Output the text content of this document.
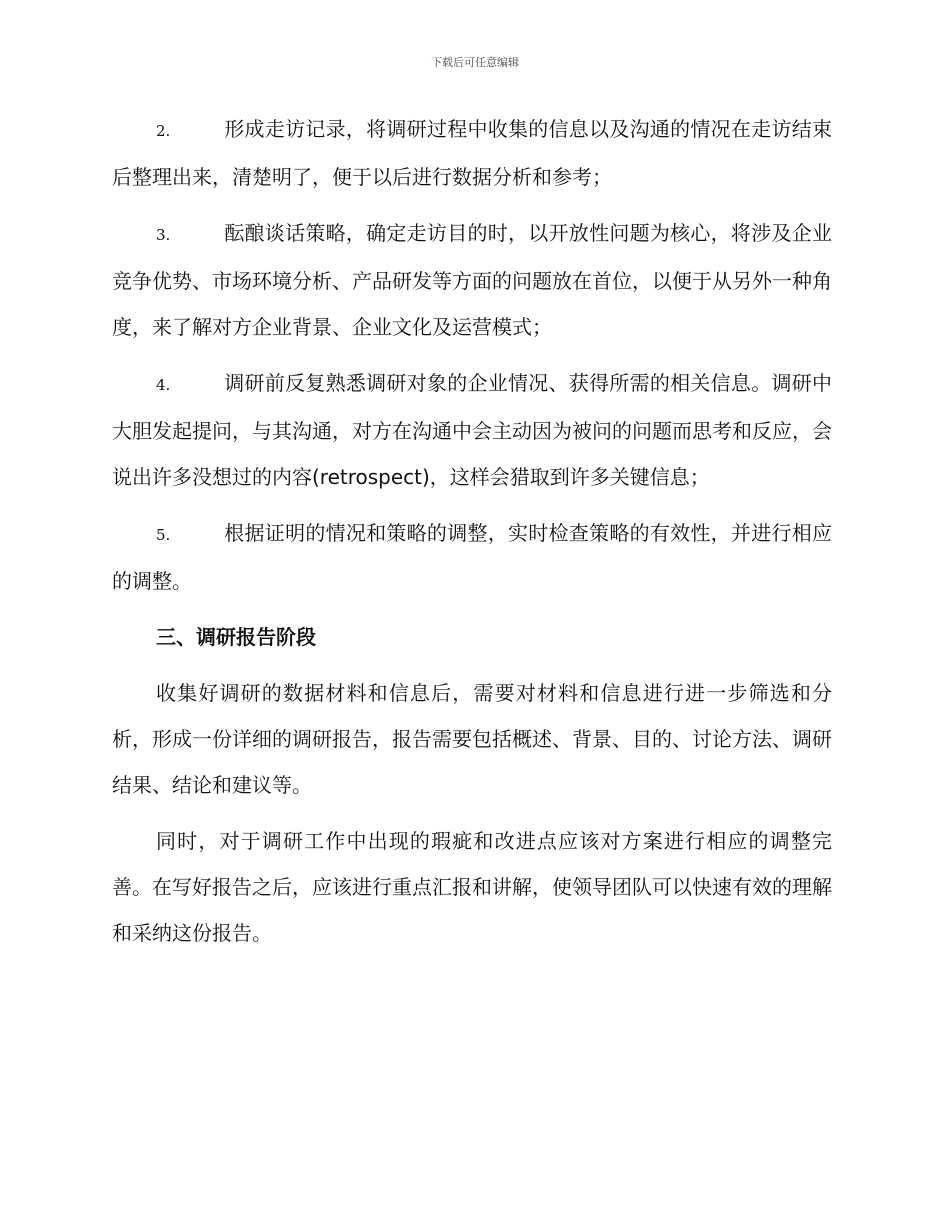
下载后可任意编辑

2.	形成走访记录，将调研过程中收集的信息以及沟通的情况在走访结束后整理出来，清楚明了，便于以后进行数据分析和参考；

3.	酝酿谈话策略，确定走访目的时，以开放性问题为核心，将涉及企业竞争优势、市场环境分析、产品研发等方面的问题放在首位，以便于从另外一种角度，来了解对方企业背景、企业文化及运营模式；

4.	调研前反复熟悉调研对象的企业情况、获得所需的相关信息。调研中大胆发起提问，与其沟通，对方在沟通中会主动因为被问的问题而思考和反应，会说出许多没想过的内容(retrospect)，这样会猎取到许多关键信息；

5.	根据证明的情况和策略的调整，实时检查策略的有效性，并进行相应的调整。

三、调研报告阶段

收集好调研的数据材料和信息后，需要对材料和信息进行进一步筛选和分析，形成一份详细的调研报告，报告需要包括概述、背景、目的、讨论方法、调研结果、结论和建议等。

同时，对于调研工作中出现的瑕疵和改进点应该对方案进行相应的调整完善。在写好报告之后，应该进行重点汇报和讲解，使领导团队可以快速有效的理解和采纳这份报告。
